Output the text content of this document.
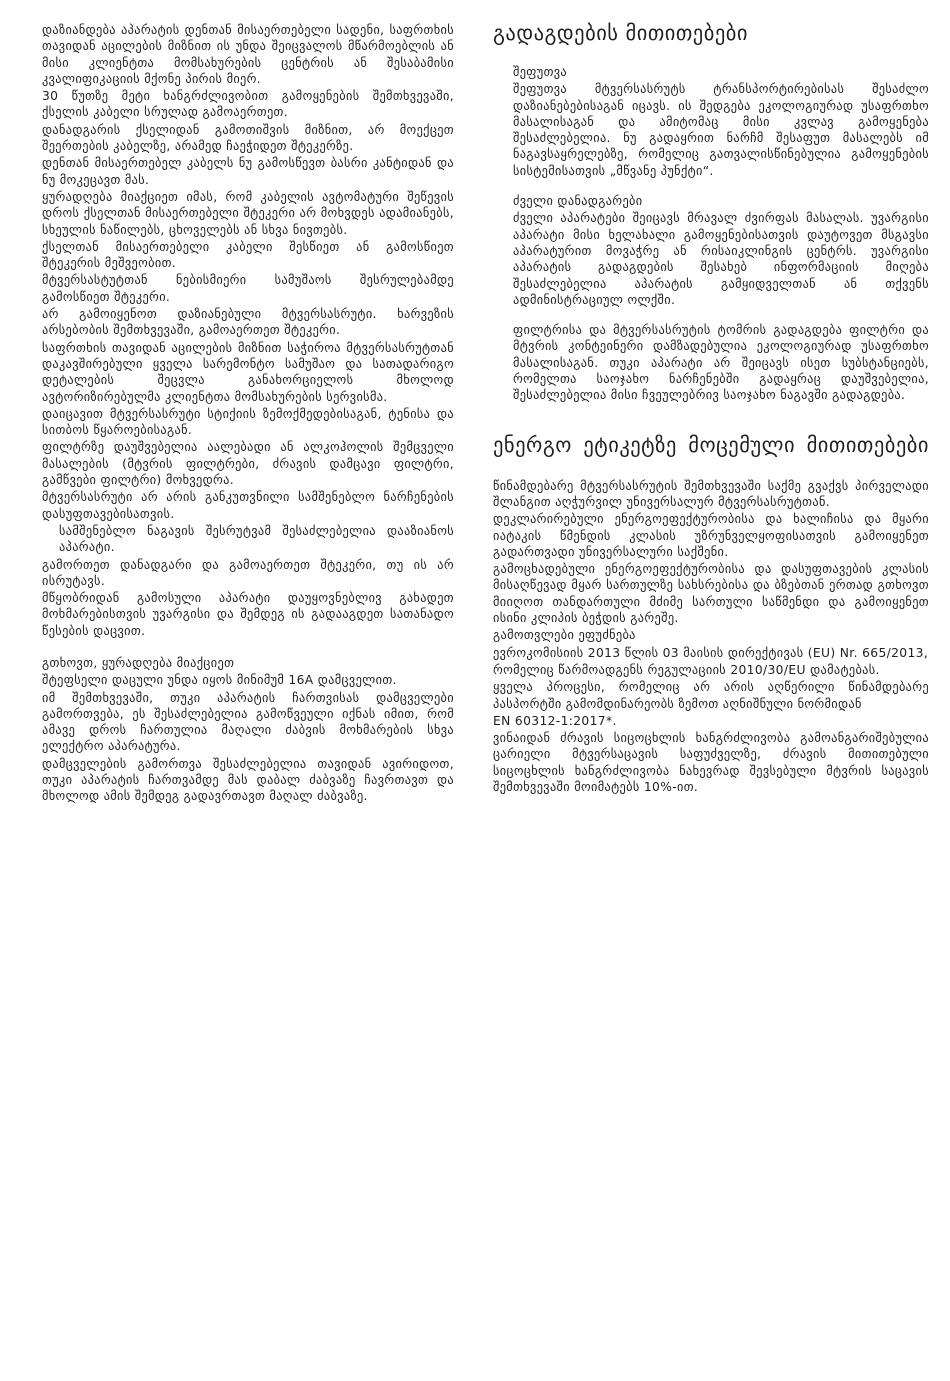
დაზიანდება აპარატის დენთან მისაერთებელი სადენი, საფრთხის თავიდან აცილების მიზნით ის უნდა შეიცვალოს მწარმოებლის ან მისი კლიენტთა მომსახურების ცენტრის ან შესაბამისი კვალიფიკაციის მქონე პირის მიერ.

30 წუთზე მეტი ხანგრძლივობით გამოყენების შემთხვევაში, ქსელის კაბელი სრულად გამოაერთეთ.

დანადგარის ქსელიდან გამოთიშვის მიზნით, არ მოექცეთ შეერთების კაბელზე, არამედ ჩაეჭიდეთ შტეკერზე.

დენთან მისაერთებელ კაბელს ნუ გამოსწევთ ბასრი კანტიდან და ნუ მოკეცავთ მას.

ყურადღება მიაქციეთ იმას, რომ კაბელის ავტომატური შეწევის დროს ქსელთან მისაერთებელი შტეკერი არ მოხვდეს ადამიანებს, სხეულის ნაწილებს, ცხოველებს ან სხვა ნივთებს.

ქსელთან მისაერთებელი კაბელი შესწიეთ ან გამოსწიეთ შტეკერის მეშვეობით.

მტვერსასტუტთან ნებისმიერი სამუშაოს შესრულებამდე გამოსწიეთ შტეკერი.

არ გამოიყენოთ დაზიანებული მტვერსასრუტი. ხარვეზის არსებობის შემთხვევაში, გამოაერთეთ შტეკერი.

საფრთხის თავიდან აცილების მიზნით საჭიროა მტვერსასრუტთან დაკავშირებული ყველა სარემონტო სამუშაო და სათადარიგო დეტალების შეცვლა განახორციელოს მხოლოდ ავტორიზირებულმა კლიენტთა მომსახურების სერვისმა.

დაიცავით მტვერსასრუტი სტიქიის ზემოქმედებისაგან, ტენისა და სითბოს წყაროებისაგან.

ფილტრზე დაუშვებელია აალებადი ან ალკოჰოლის შემცველი მასალების (მტვრის ფილტრები, ძრავის დამცავი ფილტრი, გამწვები ფილტრი) მოხვედრა.

მტვერსასრუტი არ არის განკუთვნილი სამშენებლო ნარჩენების დასუფთავებისათვის.

სამშენებლო ნაგავის შესრუტვამ შესაძლებელია დააზიანოს აპარატი.

გამორთეთ დანადგარი და გამოაერთეთ შტეკერი, თუ ის არ ისრუტავს.

მწყობრიდან გამოსული აპარატი დაუყოვნებლივ გახადეთ მოხმარებისთვის უვარგისი და შემდეგ ის გადააგდეთ სათანადო წესების დაცვით.

გთხოვთ, ყურადღება მიაქციეთ

შტეფსელი დაცული უნდა იყოს მინიმუმ 16A დამცველით.

იმ შემთხვევაში, თუკი აპარატის ჩართვისას დამცველები გამორთვება, ეს შესაძლებელია გამოწვეული იქნას იმით, რომ ამავე დროს ჩართულია მაღალი ძაბვის მოხმარების სხვა ელექტრო აპარატურა.

დამცველების გამორთვა შესაძლებელია თავიდან ავირიდოთ, თუკი აპარატის ჩართვამდე მას დაბალ ძაბვაზე ჩავრთავთ და მხოლოდ ამის შემდეგ გადავრთავთ მაღალ ძაბვაზე.

გადაგდების მითითებები

შეფუთვა

შეფუთვა მტვერსასრუტს ტრანსპორტირებისას შესაძლო დაზიანებებისაგან იცავს. ის შედგება ეკოლოგიურად უსაფრთხო მასალისაგან და ამიტომაც მისი კვლავ გამოყენება შესაძლებელია. ნუ გადაყრით ნარჩმ შესაფუთ მასალებს იმ ნაგავსაყრელებზე, რომელიც გათვალისწინებულია გამოყენების სისტემისათვის „მწვანე პუნქტი“.

ძველი დანადგარები

ძველი აპარატები შეიცავს მრავალ ძვირფას მასალას. უვარგისი აპარატი მისი ხელახალი გამოყენებისათვის დაუტოვეთ მსგავსი აპარატურით მოვაჭრე ან რისაიკლინგის ცენტრს. უვარგისი აპარატის გადაგდების შესახებ ინფორმაციის მიღება შესაძლებელია აპარატის გამყიდველთან ან თქვენს ადმინისტრაციულ ოლქში.

ფილტრისა და მტვერსასრუტის ტომრის გადაგდება ფილტრი და მტვრის კონტეინერი დამზადებულია ეკოლოგიურად უსაფრთხო მასალისაგან. თუკი აპარატი არ შეიცავს ისეთ სუბსტანციებს, რომელთა საოჯახო ნარჩენებში გადაყრაც დაუშვებელია, შესაძლებელია მისი ჩვეულებრივ საოჯახო ნაგავში გადაგდება.

ენერგო ეტიკეტზე მოცემული მითითებები

წინამდებარე მტვერსასრუტის შემთხვევაში საქმე გვაქვს პირველადი შლანგით აღჭურვილ უნივერსალურ მტვერსასრუტთან.

დეკლარირებული ენერგოეფექტურობისა და ხალიჩისა და მყარი იატაკის წმენდის კლასის უზრუნველყოფისათვის გამოიყენეთ გადართვადი უნივერსალური საქშენი.

გამოცხადებული ენერგოეფექტურობისა და დასუფთავების კლასის მისაღწევად მყარ სართულზე სახსრებისა და ბზებთან ერთად გთხოვთ მიიღოთ თანდართული მძიმე სართული საწმენდი და გამოიყენეთ ისინი კლიპის ბეჭდის გარეშე.

გამოთვლები ეფუძნება

ევროკომისიის 2013 წლის 03 მაისის დირექტივას (EU) Nr. 665/2013,

რომელიც წარმოადგენს რეგულაციის 2010/30/EU დამატებას.

ყველა პროცესი, რომელიც არ არის აღწერილი წინამდებარე პასპორტში გამომდინარეობს ზემოთ აღნიშნული ნორმიდან

EN 60312-1:2017*.

ვინაიდან ძრავის სიცოცხლის ხანგრძლივობა გამოანგარიშებულია ცარიელი მტვერსაცავის საფუძველზე, ძრავის მითითებული სიცოცხლის ხანგრძლივობა ნახევრად შევსებული მტვრის საცავის შემთხვევაში მოიმატებს 10%-ით.
